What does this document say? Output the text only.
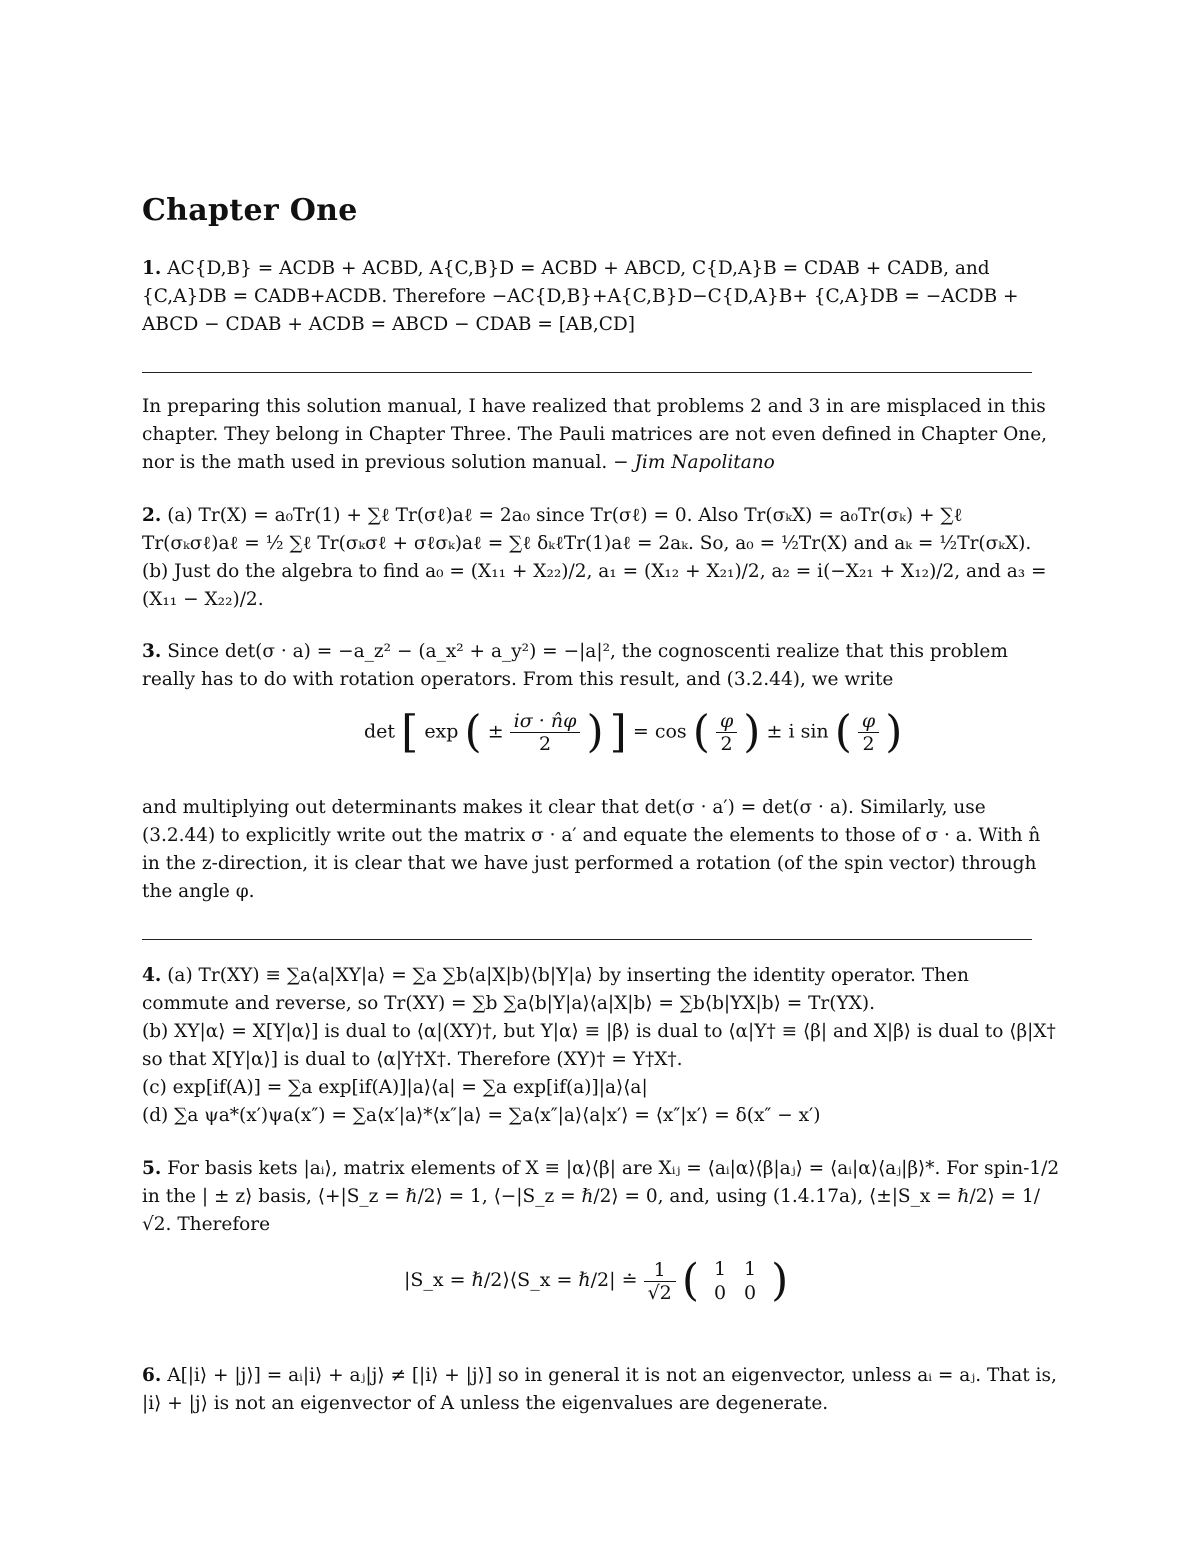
Chapter One

1. AC{D,B} = ACDB + ACBD, A{C,B}D = ACBD + ABCD, C{D,A}B = CDAB + CADB, and {C,A}DB = CADB+ACDB. Therefore −AC{D,B}+A{C,B}D−C{D,A}B+ {C,A}DB = −ACDB + ABCD − CDAB + ACDB = ABCD − CDAB = [AB,CD]

In preparing this solution manual, I have realized that problems 2 and 3 in are misplaced in this chapter. They belong in Chapter Three. The Pauli matrices are not even defined in Chapter One, nor is the math used in previous solution manual. − Jim Napolitano

2. (a) Tr(X) = a₀Tr(1) + ∑ℓ Tr(σℓ)aℓ = 2a₀ since Tr(σℓ) = 0. Also Tr(σₖX) = a₀Tr(σₖ) + ∑ℓ Tr(σₖσℓ)aℓ = ½ ∑ℓ Tr(σₖσℓ + σℓσₖ)aℓ = ∑ℓ δₖℓTr(1)aℓ = 2aₖ. So, a₀ = ½Tr(X) and aₖ = ½Tr(σₖX). (b) Just do the algebra to find a₀ = (X₁₁ + X₂₂)/2, a₁ = (X₁₂ + X₂₁)/2, a₂ = i(−X₂₁ + X₁₂)/2, and a₃ = (X₁₁ − X₂₂)/2.

3. Since det(σ · a) = −a_z² − (a_x² + a_y²) = −|a|², the cognoscenti realize that this problem really has to do with rotation operators. From this result, and (3.2.44), we write

det [ exp ( ± $\frac{i\sigma \cdot n̂\varphi}{2}$ ) ] = cos ( $\frac{\varphi}{2}$ ) ± i sin ( $\frac{\varphi}{2}$ )

and multiplying out determinants makes it clear that det(σ · a′) = det(σ · a). Similarly, use (3.2.44) to explicitly write out the matrix σ · a′ and equate the elements to those of σ · a. With n̂ in the z-direction, it is clear that we have just performed a rotation (of the spin vector) through the angle φ.

4. (a) Tr(XY) ≡ ∑a⟨a|XY|a⟩ = ∑a ∑b⟨a|X|b⟩⟨b|Y|a⟩ by inserting the identity operator. Then commute and reverse, so Tr(XY) = ∑b ∑a⟨b|Y|a⟩⟨a|X|b⟩ = ∑b⟨b|YX|b⟩ = Tr(YX).
(b) XY|α⟩ = X[Y|α⟩] is dual to ⟨α|(XY)†, but Y|α⟩ ≡ |β⟩ is dual to ⟨α|Y† ≡ ⟨β| and X|β⟩ is dual to ⟨β|X† so that X[Y|α⟩] is dual to ⟨α|Y†X†. Therefore (XY)† = Y†X†.
(c) exp[if(A)] = ∑a exp[if(A)]|a⟩⟨a| = ∑a exp[if(a)]|a⟩⟨a|
(d) ∑a ψa*(x′)ψa(x″) = ∑a⟨x′|a⟩*⟨x″|a⟩ = ∑a⟨x″|a⟩⟨a|x′⟩ = ⟨x″|x′⟩ = δ(x″ − x′)

5. For basis kets |aᵢ⟩, matrix elements of X ≡ |α⟩⟨β| are Xᵢⱼ = ⟨aᵢ|α⟩⟨β|aⱼ⟩ = ⟨aᵢ|α⟩⟨aⱼ|β⟩*. For spin-1/2 in the | ± z⟩ basis, ⟨+|S_z = ℏ/2⟩ = 1, ⟨−|S_z = ℏ/2⟩ = 0, and, using (1.4.17a), ⟨±|S_x = ℏ/2⟩ = 1/√2. Therefore

|S_x = ℏ/2⟩⟨S_x = ℏ/2| ≐ $\frac{1}{√2}$ ( 1 1
0 0 )

6. A[|i⟩ + |j⟩] = aᵢ|i⟩ + aⱼ|j⟩ ≠ [|i⟩ + |j⟩] so in general it is not an eigenvector, unless aᵢ = aⱼ. That is, |i⟩ + |j⟩ is not an eigenvector of A unless the eigenvalues are degenerate.
